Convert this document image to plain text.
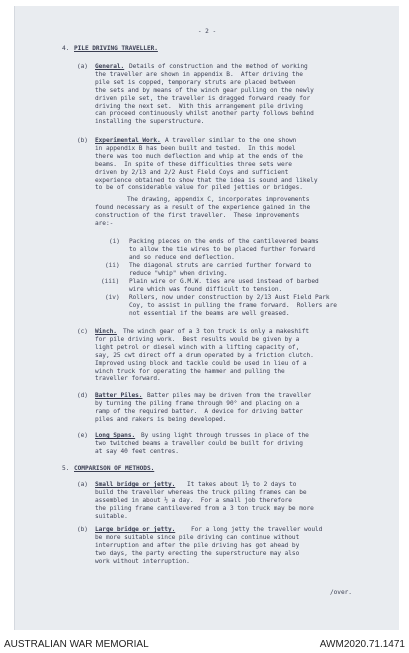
- 2 -

4. PILE DRIVING TRAVELLER.
(a) General. Details of construction and the method of working
the traveller are shown in appendix B.  After driving the
pile set is copped, temporary struts are placed between
the sets and by means of the winch gear pulling on the newly
driven pile set, the traveller is dragged forward ready for
driving the next set.  With this arrangement pile driving
can proceed continuously whilst another party follows behind
installing the superstructure.
(b) Experimental Work. A traveller similar to the one shown
in appendix B has been built and tested.  In this model
there was too much deflection and whip at the ends of the
beams.  In spite of these difficulties three sets were
driven by 2/13 and 2/2 Aust Field Coys and sufficient
experience obtained to show that the idea is sound and likely
to be of considerable value for piled jetties or bridges.
The drawing, appendix C, incorporates improvements
found necessary as a result of the experience gained in the
construction of the first traveller.  These improvements
are:-
(i) Packing pieces on the ends of the cantilevered beams
to allow the tie wires to be placed further forward
and so reduce end deflection.
(ii) The diagonal struts are carried further forward to
reduce "whip" when driving.
(iii) Plain wire or G.M.W. ties are used instead of barbed
wire which was found difficult to tension.
(iv) Rollers, now under construction by 2/13 Aust Field Park
Coy, to assist in pulling the frame forward.  Rollers are
not essential if the beams are well greased.
(c) Winch. The winch gear of a 3 ton truck is only a makeshift
for pile driving work.  Best results would be given by a
light petrol or diesel winch with a lifting capacity of,
say, 25 cwt direct off a drum operated by a friction clutch.
Improved using block and tackle could be used in lieu of a
winch truck for operating the hammer and pulling the
traveller forward.
(d) Batter Piles. Batter piles may be driven from the traveller
by turning the piling frame through 90° and placing on a
ramp of the required batter.  A device for driving batter
piles and rakers is being developed.
(e) Long Spans. By using light through trusses in place of the
two twitched beams a traveller could be built for driving
at say 40 feet centres.
5. COMPARISON OF METHODS.
(a) Small bridge or jetty. It takes about 1½ to 2 days to
build the traveller whereas the truck piling frames can be
assembled in about ½ a day.  For a small job therefore
the piling frame cantilevered from a 3 ton truck may be more
suitable.
(b) Large bridge or jetty.	For a long jetty the traveller would
be more suitable since pile driving can continue without
interruption and after the pile driving has got ahead by
two days, the party erecting the superstructure may also
work without interruption.
/over.
AUSTRALIAN WAR MEMORIAL	AWM2020.71.1471
